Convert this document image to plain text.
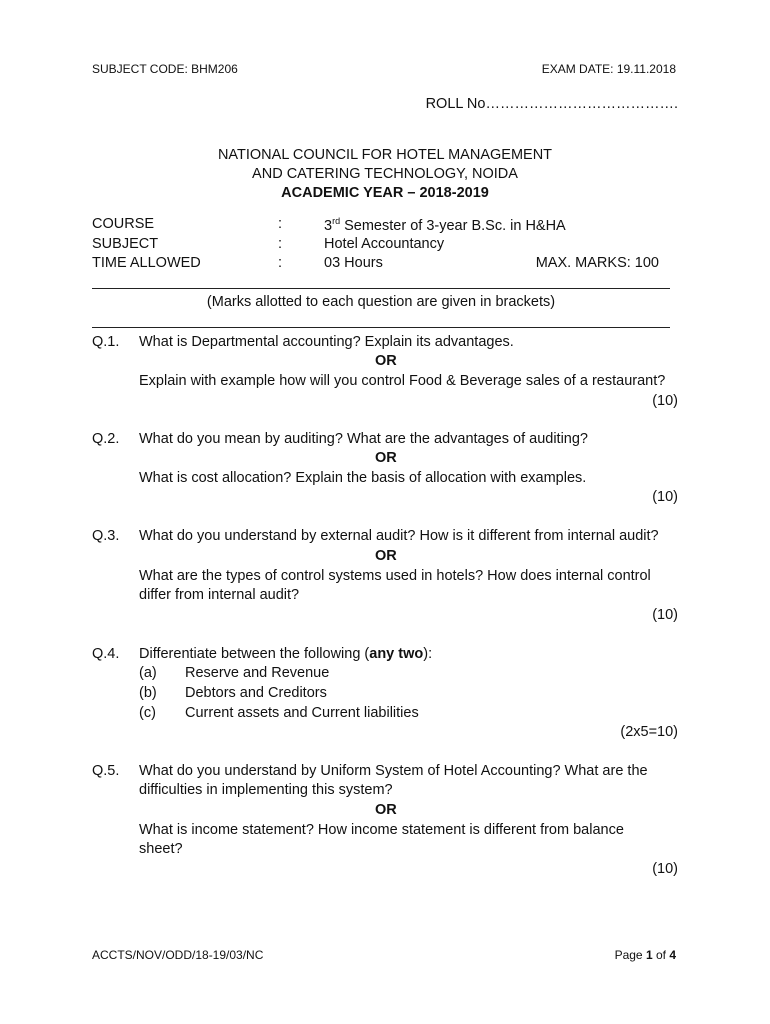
SUBJECT CODE: BHM206	EXAM DATE: 19.11.2018
ROLL No………………………………….
NATIONAL COUNCIL FOR HOTEL MANAGEMENT
AND CATERING TECHNOLOGY, NOIDA
ACADEMIC YEAR – 2018-2019
COURSE	:	3rd Semester of 3-year B.Sc. in H&HA
SUBJECT	:	Hotel Accountancy
TIME ALLOWED	:	03 Hours	MAX. MARKS: 100
(Marks allotted to each question are given in brackets)
Q.1. What is Departmental accounting? Explain its advantages.
OR
Explain with example how will you control Food & Beverage sales of a restaurant?
(10)
Q.2. What do you mean by auditing? What are the advantages of auditing?
OR
What is cost allocation? Explain the basis of allocation with examples.
(10)
Q.3. What do you understand by external audit? How is it different from internal audit?
OR
What are the types of control systems used in hotels? How does internal control
differ from internal audit?
(10)
Q.4. Differentiate between the following (any two):
(a) Reserve and Revenue
(b) Debtors and Creditors
(c) Current assets and Current liabilities
(2x5=10)
Q.5. What do you understand by Uniform System of Hotel Accounting? What are the
difficulties in implementing this system?
OR
What is income statement? How income statement is different from balance
sheet?
(10)
ACCTS/NOV/ODD/18-19/03/NC	Page 1 of 4
